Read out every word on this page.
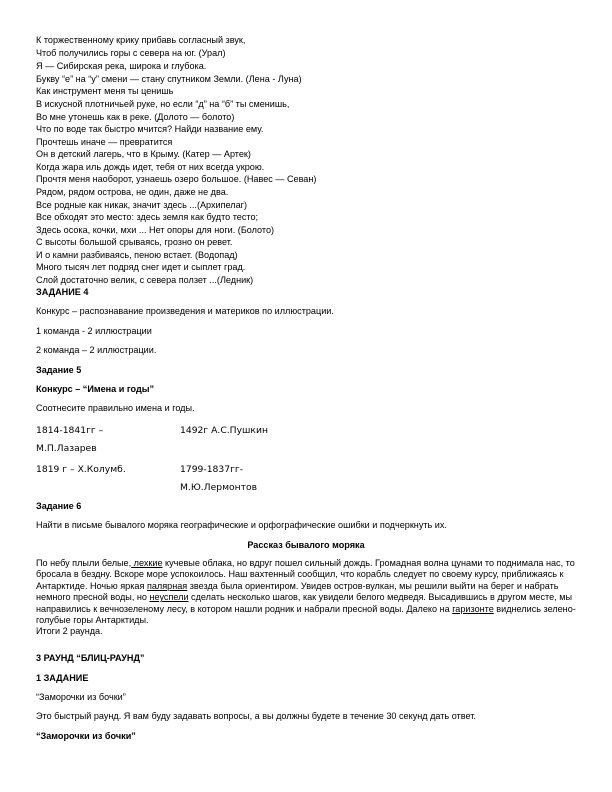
К торжественному крику прибавь согласный звук,
Чтоб получились горы с севера на юг. (Урал)
Я — Сибирская река, широка и глубока.
Букву “е” на “у” смени — стану спутником Земли. (Лена - Луна)
Как инструмент меня ты ценишь
В искусной плотничьей руке, но если “д” на “б” ты сменишь,
Во мне утонешь как в реке. (Долото — болото)
Что по воде так быстро мчится? Найди название ему.
Прочтешь иначе — превратится
Он в детский лагерь, что в Крыму. (Катер — Артек)
Когда жара иль дождь идет, тебя от них всегда укрою.
Прочтя меня наоборот, узнаешь озеро большое. (Навес — Севан)
Рядом, рядом острова, не один, даже не два.
Все родные как никак, значит здесь ...(Архипелаг)
Все обходят это место: здесь земля как будто тесто;
Здесь осока, кочки, мхи ... Нет опоры для ноги. (Болото)
С высоты большой срываясь, грозно он ревет.
И о камни разбиваясь, пеною встает. (Водопад)
Много тысяч лет подряд снег идет и сыплет град.
Слой достаточно велик, с севера ползет ...(Ледник)
ЗАДАНИЕ 4
Конкурс – распознавание произведения и материков по иллюстрации.
1 команда - 2 иллюстрации
2 команда – 2 иллюстрации.
Задание 5
Конкурс – “Имена и годы”
Соотнесите правильно имена и годы.
1814-1841гг –
М.П.Лазарев
1492г А.С.Пушкин
1819 г – Х.Колумб.	1799-1837гг-
М.Ю.Лермонтов
Задание 6
Найти в письме бывалого моряка географические и орфографические ошибки и подчеркнуть их.
Рассказ бывалого моряка
По небу плыли белые, лехкие кучевые облака, но вдруг пошел сильный дождь. Громадная волна цунами то поднимала нас, то бросала в бездну. Вскоре море успокоилось. Наш вахтенный сообщил, что корабль следует по своему курсу, приближаясь к Антарктиде. Ночью яркая палярная звезда была ориентиром. Увидев остров-вулкан, мы решили выйти на берег и набрать немного пресной воды, но неуспели сделать несколько шагов, как увидели белого медведя. Высадившись в другом месте, мы направились к вечнозеленому лесу, в котором нашли родник и набрали пресной воды. Далеко на гаризонте виднелись зелено- голубые горы Антарктиды.
Итоги 2 раунда.
3 РАУНД “БЛИЦ-РАУНД”
1 ЗАДАНИЕ
“Заморочки из бочки”
Это быстрый раунд. Я вам буду задавать вопросы, а вы должны будете в течение 30 секунд дать ответ.
“Заморочки из бочки”
